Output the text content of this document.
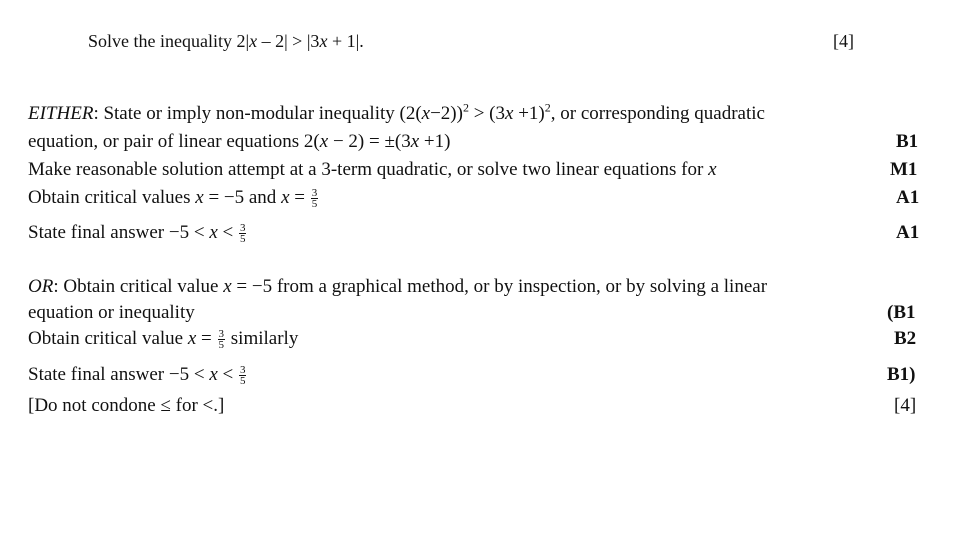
Solve the inequality 2|x – 2| > |3x + 1|.	[4]
EITHER: State or imply non-modular inequality $(2(x-2))^2 > (3x +1)^2$, or corresponding quadratic
equation, or pair of linear equations 2(x − 2) = ±(3x +1)	B1
Make reasonable solution attempt at a 3-term quadratic, or solve two linear equations for x	M1
Obtain critical values x = −5 and $x = \frac{3}{5}$	A1
State final answer $-5 < x < \frac{3}{5}$	A1
OR: Obtain critical value x = −5 from a graphical method, or by inspection, or by solving a linear
equation or inequality	(B1
Obtain critical value $x = \frac{3}{5}$ similarly	B2
State final answer $-5 < x < \frac{3}{5}$	B1)
[Do not condone ≤ for <.]	[4]
